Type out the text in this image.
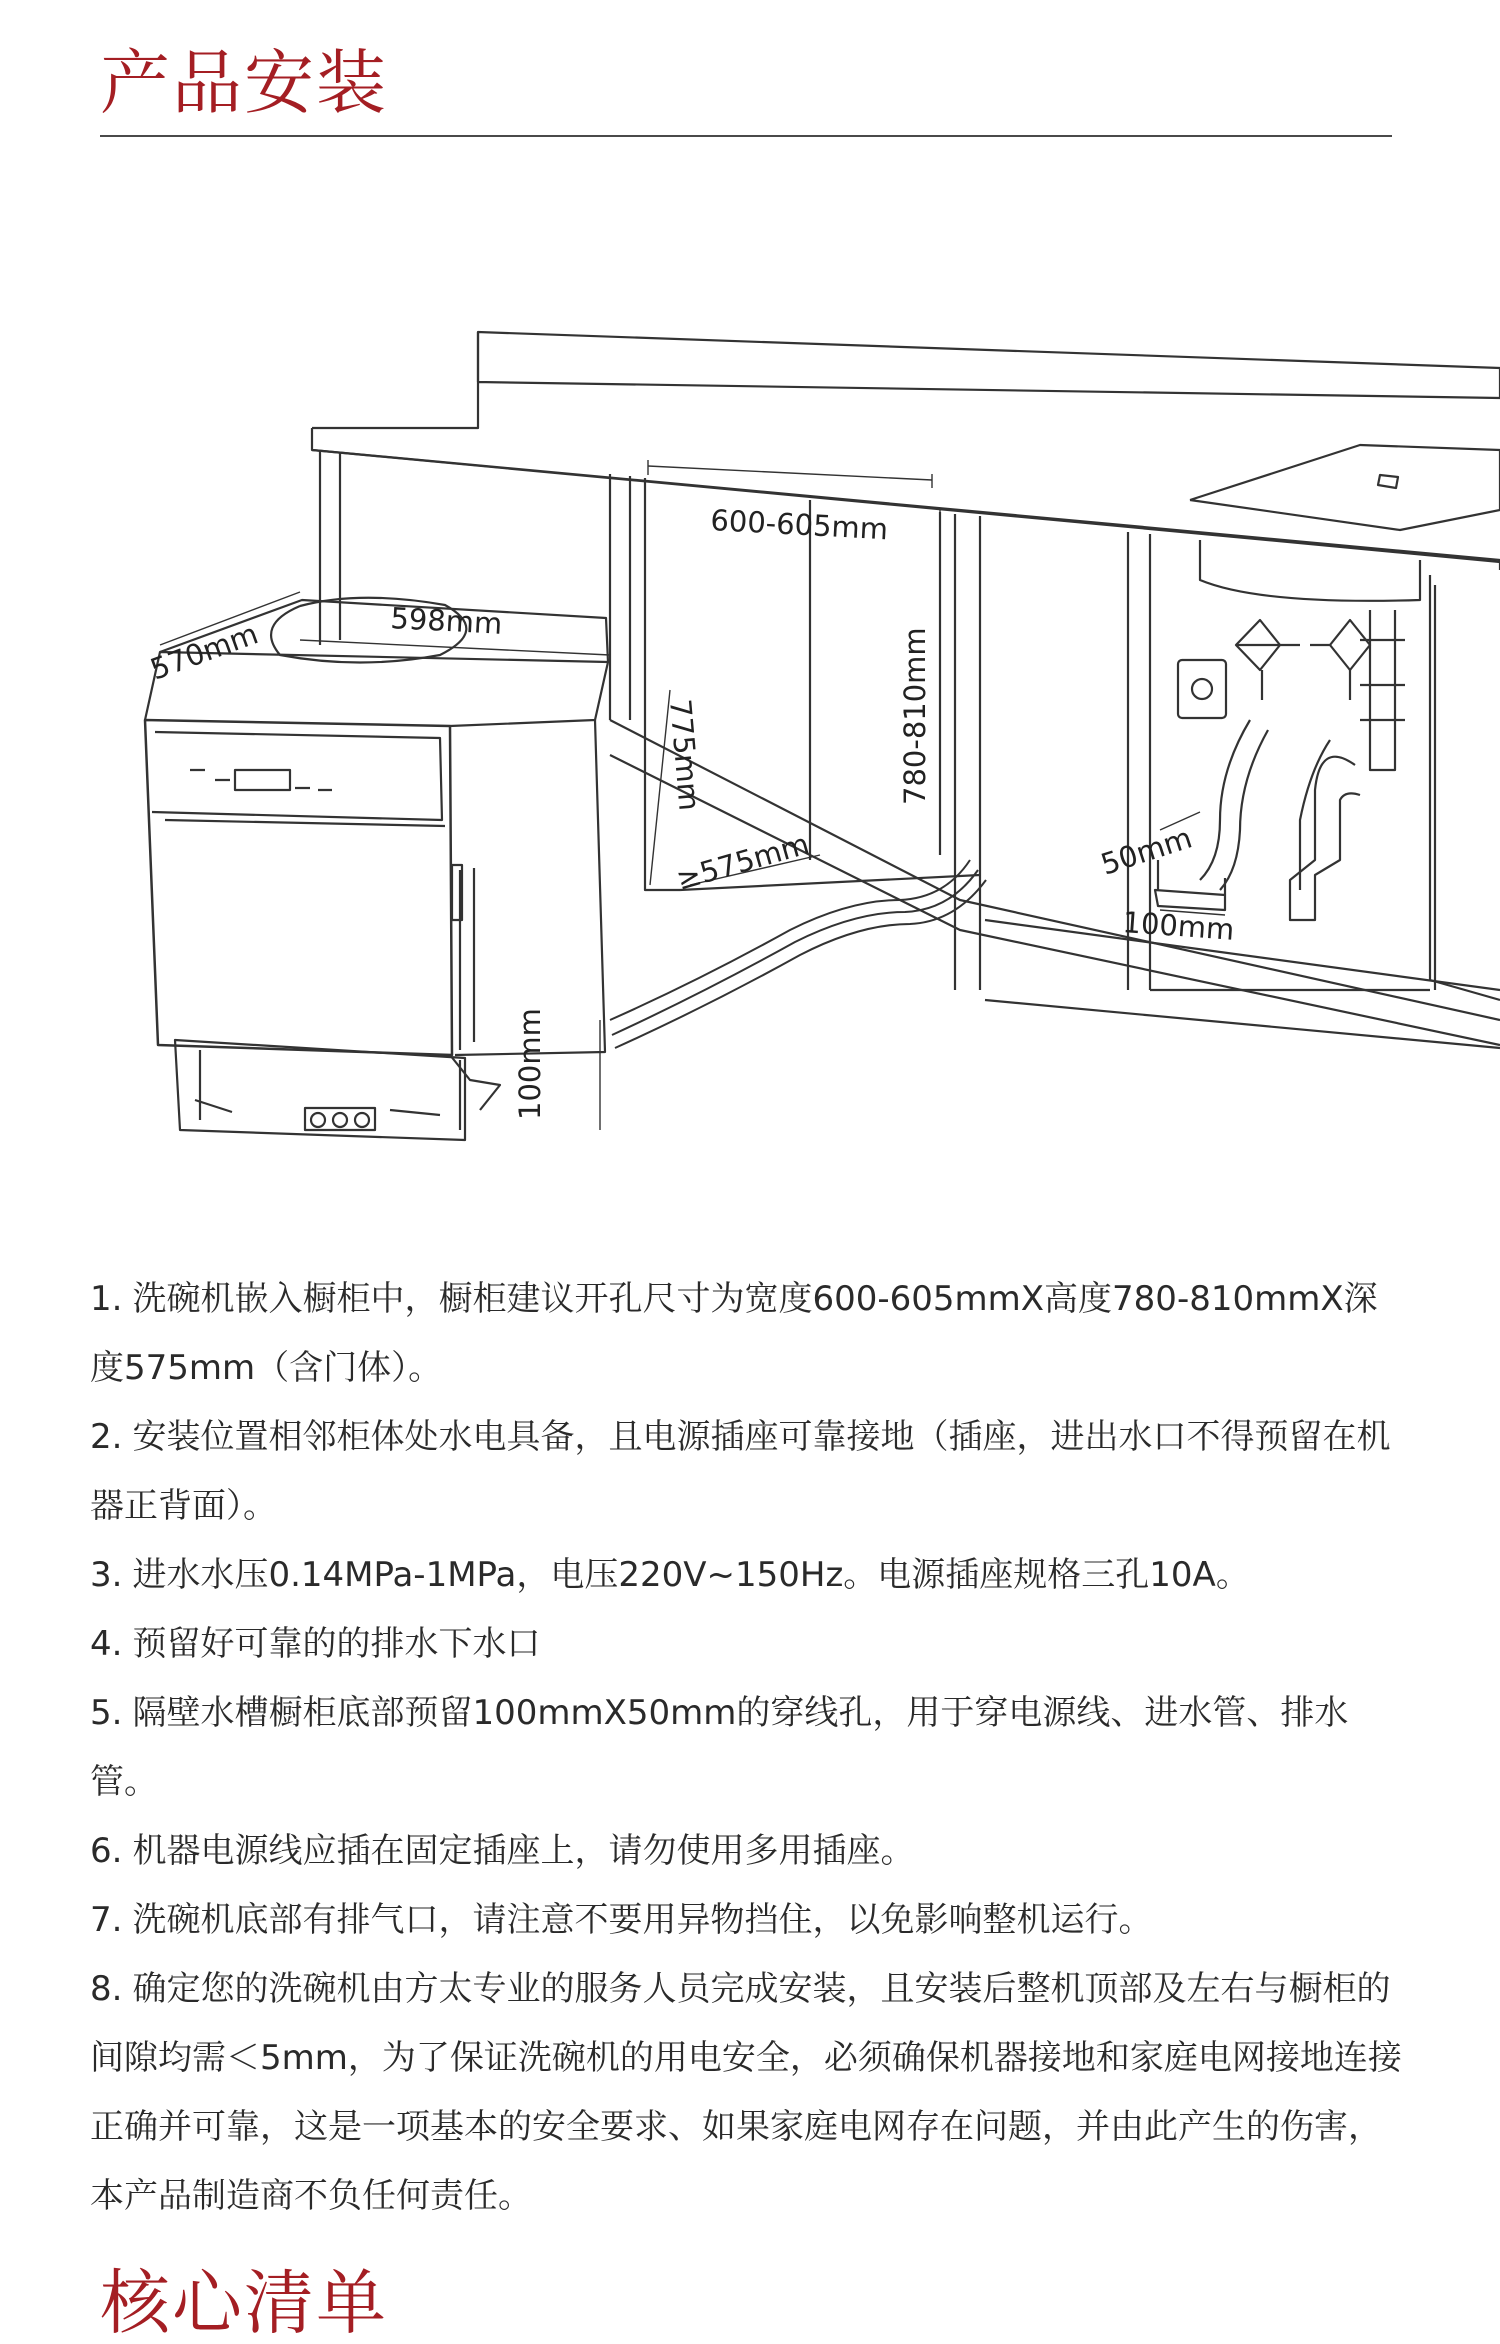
产品安装
600-605mm
598mm
570mm
775mm	780-810mm
≥575mm
100mm
50mm
100mm
1. 洗碗机嵌入橱柜中，橱柜建议开孔尺寸为宽度600-605mmX高度780-810mmX深度575mm（含门体）。
2. 安装位置相邻柜体处水电具备，且电源插座可靠接地（插座，进出水口不得预留在机器正背面）。
3. 进水水压0.14MPa-1MPa，电压220V~150Hz。电源插座规格三孔10A。
4. 预留好可靠的的排水下水口
5. 隔壁水槽橱柜底部预留100mmX50mm的穿线孔，用于穿电源线、进水管、排水管。
6. 机器电源线应插在固定插座上，请勿使用多用插座。
7. 洗碗机底部有排气口，请注意不要用异物挡住，以免影响整机运行。
8. 确定您的洗碗机由方太专业的服务人员完成安装，且安装后整机顶部及左右与橱柜的间隙均需＜5mm，为了保证洗碗机的用电安全，必须确保机器接地和家庭电网接地连接正确并可靠，这是一项基本的安全要求、如果家庭电网存在问题，并由此产生的伤害，本产品制造商不负任何责任。
核心清单
